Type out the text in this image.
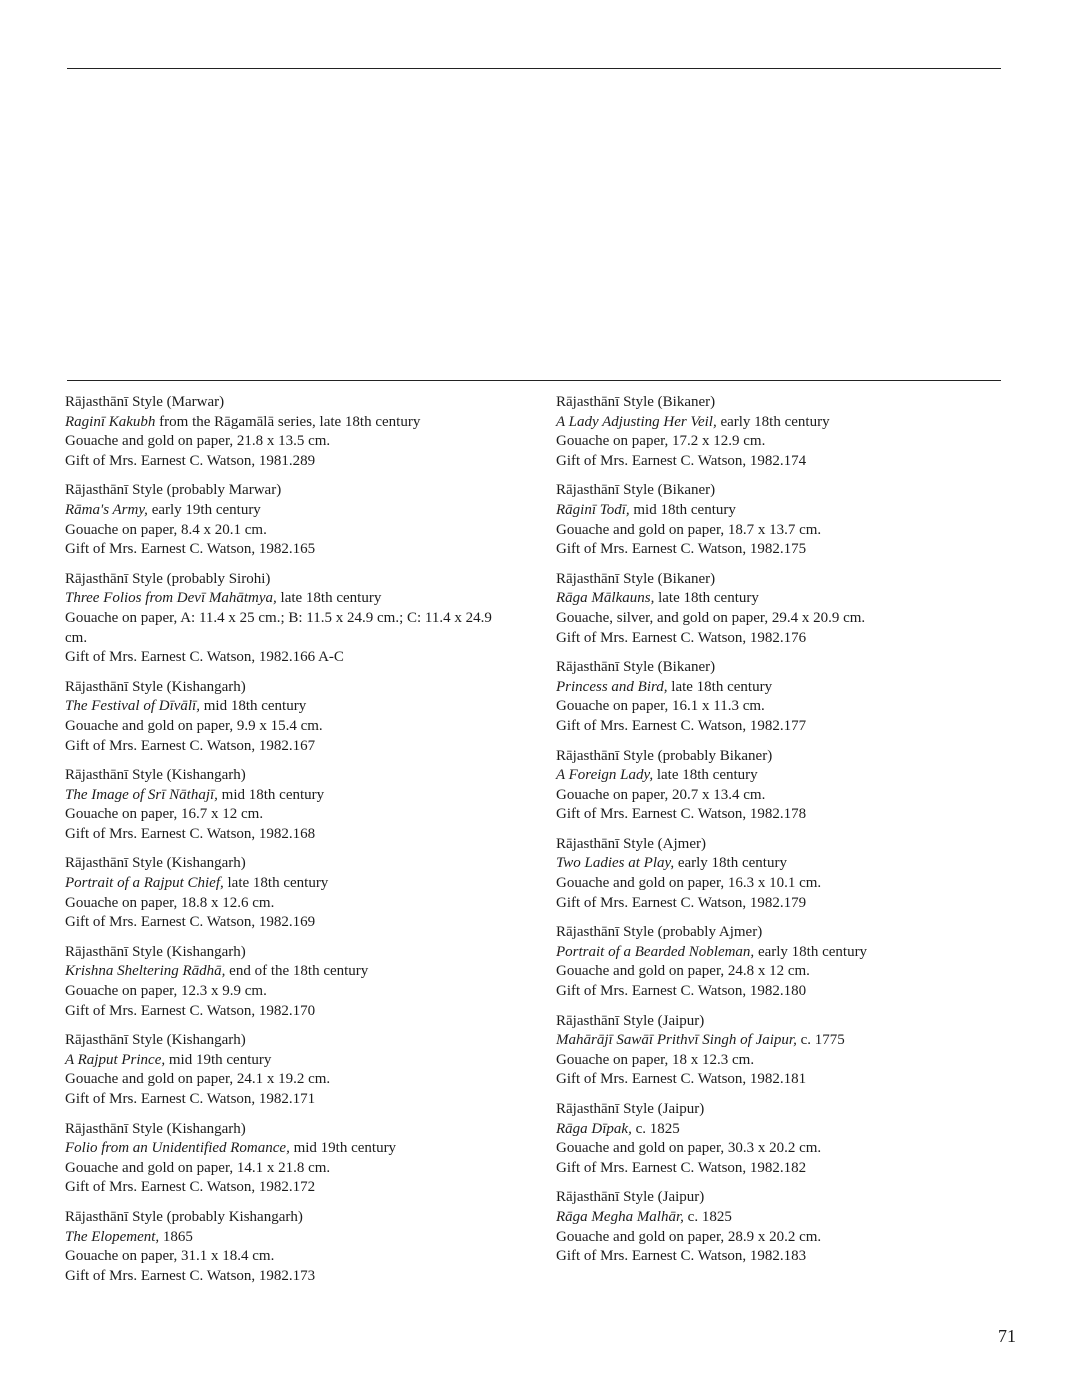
Rājasthānī Style (Marwar)
Raginī Kakubh from the Rāgamālā series, late 18th century
Gouache and gold on paper, 21.8 x 13.5 cm.
Gift of Mrs. Earnest C. Watson, 1981.289
Rājasthānī Style (probably Marwar)
Rāma's Army, early 19th century
Gouache on paper, 8.4 x 20.1 cm.
Gift of Mrs. Earnest C. Watson, 1982.165
Rājasthānī Style (probably Sirohi)
Three Folios from Devī Mahātmya, late 18th century
Gouache on paper, A: 11.4 x 25 cm.; B: 11.5 x 24.9 cm.; C: 11.4 x 24.9 cm.
Gift of Mrs. Earnest C. Watson, 1982.166 A-C
Rājasthānī Style (Kishangarh)
The Festival of Dīvālī, mid 18th century
Gouache and gold on paper, 9.9 x 15.4 cm.
Gift of Mrs. Earnest C. Watson, 1982.167
Rājasthānī Style (Kishangarh)
The Image of Srī Nāthajī, mid 18th century
Gouache on paper, 16.7 x 12 cm.
Gift of Mrs. Earnest C. Watson, 1982.168
Rājasthānī Style (Kishangarh)
Portrait of a Rajput Chief, late 18th century
Gouache on paper, 18.8 x 12.6 cm.
Gift of Mrs. Earnest C. Watson, 1982.169
Rājasthānī Style (Kishangarh)
Krishna Sheltering Rādhā, end of the 18th century
Gouache on paper, 12.3 x 9.9 cm.
Gift of Mrs. Earnest C. Watson, 1982.170
Rājasthānī Style (Kishangarh)
A Rajput Prince, mid 19th century
Gouache and gold on paper, 24.1 x 19.2 cm.
Gift of Mrs. Earnest C. Watson, 1982.171
Rājasthānī Style (Kishangarh)
Folio from an Unidentified Romance, mid 19th century
Gouache and gold on paper, 14.1 x 21.8 cm.
Gift of Mrs. Earnest C. Watson, 1982.172
Rājasthānī Style (probably Kishangarh)
The Elopement, 1865
Gouache on paper, 31.1 x 18.4 cm.
Gift of Mrs. Earnest C. Watson, 1982.173
Rājasthānī Style (Bikaner)
A Lady Adjusting Her Veil, early 18th century
Gouache on paper, 17.2 x 12.9 cm.
Gift of Mrs. Earnest C. Watson, 1982.174
Rājasthānī Style (Bikaner)
Rāginī Todī, mid 18th century
Gouache and gold on paper, 18.7 x 13.7 cm.
Gift of Mrs. Earnest C. Watson, 1982.175
Rājasthānī Style (Bikaner)
Rāga Mālkauns, late 18th century
Gouache, silver, and gold on paper, 29.4 x 20.9 cm.
Gift of Mrs. Earnest C. Watson, 1982.176
Rājasthānī Style (Bikaner)
Princess and Bird, late 18th century
Gouache on paper, 16.1 x 11.3 cm.
Gift of Mrs. Earnest C. Watson, 1982.177
Rājasthānī Style (probably Bikaner)
A Foreign Lady, late 18th century
Gouache on paper, 20.7 x 13.4 cm.
Gift of Mrs. Earnest C. Watson, 1982.178
Rājasthānī Style (Ajmer)
Two Ladies at Play, early 18th century
Gouache and gold on paper, 16.3 x 10.1 cm.
Gift of Mrs. Earnest C. Watson, 1982.179
Rājasthānī Style (probably Ajmer)
Portrait of a Bearded Nobleman, early 18th century
Gouache and gold on paper, 24.8 x 12 cm.
Gift of Mrs. Earnest C. Watson, 1982.180
Rājasthānī Style (Jaipur)
Mahārājī Sawāī Prithvī Singh of Jaipur, c. 1775
Gouache on paper, 18 x 12.3 cm.
Gift of Mrs. Earnest C. Watson, 1982.181
Rājasthānī Style (Jaipur)
Rāga Dīpak, c. 1825
Gouache and gold on paper, 30.3 x 20.2 cm.
Gift of Mrs. Earnest C. Watson, 1982.182
Rājasthānī Style (Jaipur)
Rāga Megha Malhār, c. 1825
Gouache and gold on paper, 28.9 x 20.2 cm.
Gift of Mrs. Earnest C. Watson, 1982.183
71
